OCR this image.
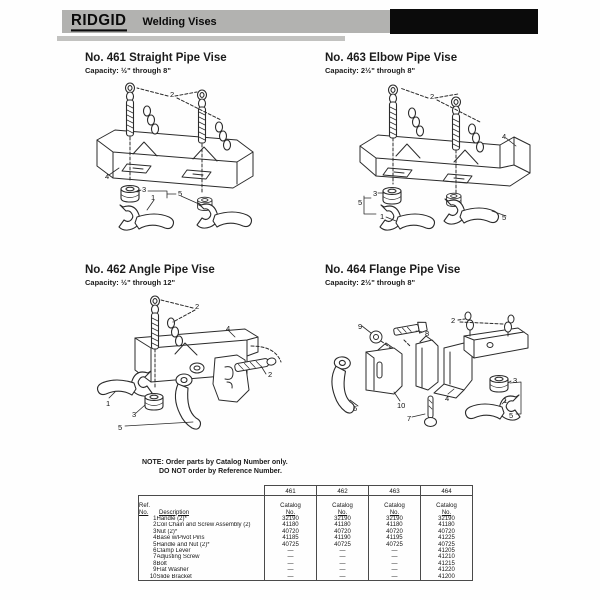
RIDGID Welding Vises
No. 461 Straight Pipe Vise
Capacity: ½" through 8"
2
4
3
1	5
No. 463 Elbow Pipe Vise
Capacity: 2½" through 8"
2
4
3
5
1	5
No. 462 Angle Pipe Vise
Capacity: ½" through 12"
2
4
2
1
3
5
No. 464 Flange Pipe Vise
Capacity: 2½" through 8"
9
8
2
3
1
6	10
4
7	5
NOTE: Order parts by Catalog Number only.
DO NOT order by Reference Number.
		461	462	463	464

Ref.
No. Description

Catalog
No.

Catalog
No.

Catalog
No.

Catalog
No.

1	Handle (2)*	32190	32190	32190	32190
2	Coil Chain and Screw Assembly (2)	41180	41180	41180	41180
3	Nut (2)*	40720	40720	40720	40720
4	Base w/Pivot Pins	41185	41190	41195	41225
5	Handle and Nut (2)*	40725	40725	40725	40725
6	Clamp Lever	—	—	—	41205
7	Adjusting Screw	—	—	—	41210
8	Bolt	—	—	—	41215
9	Flat Washer	—	—	—	41220
10	Slide Bracket	—	—	—	41200
